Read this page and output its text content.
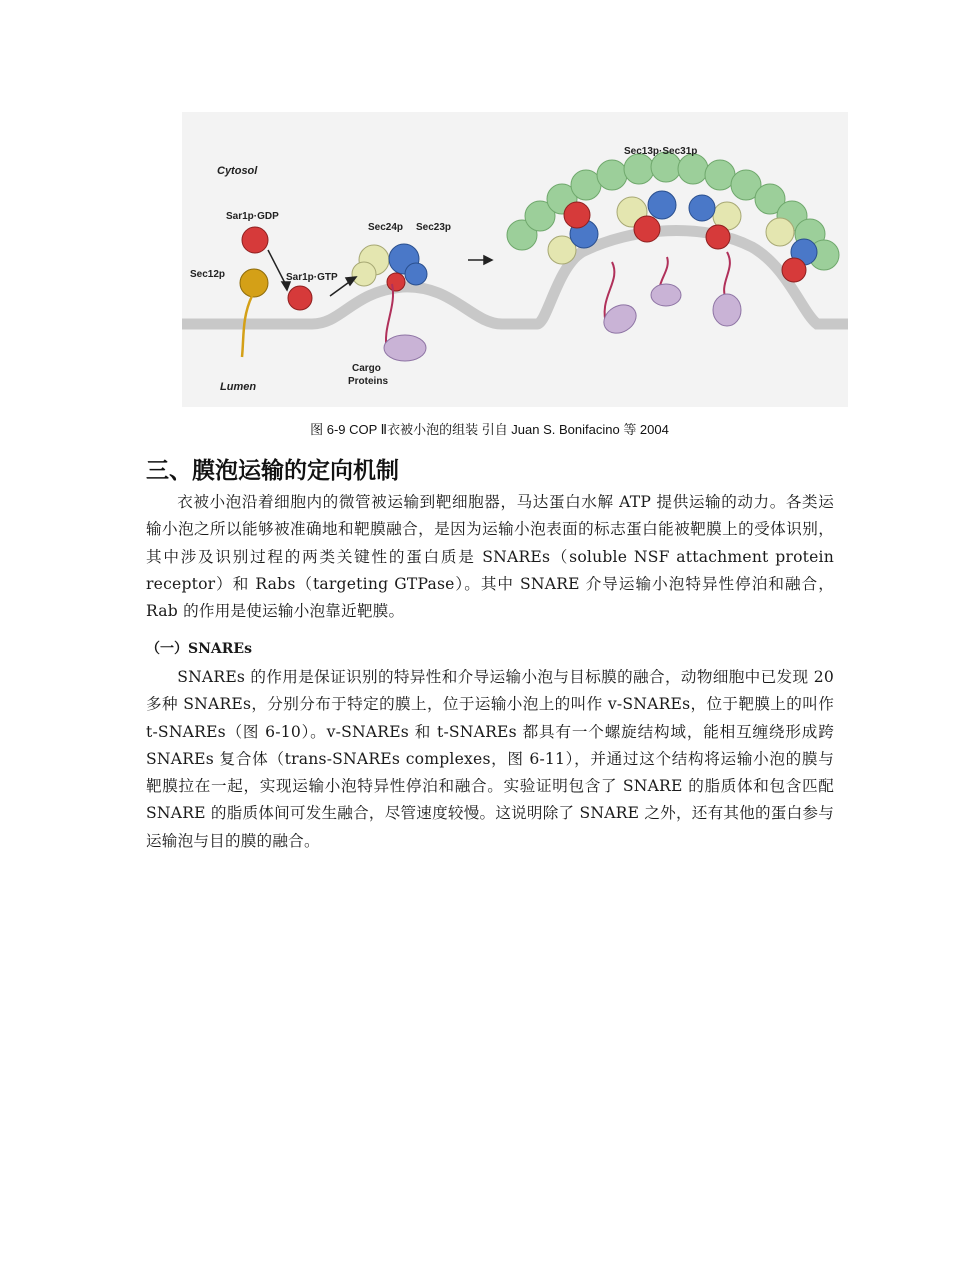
Cytosol
Lumen
Sar1p·GDP
Sec12p	Sar1p·GTP
Sec24p Sec23p
Sec13p·Sec31p
Cargo
Proteins
图 6-9 COP Ⅱ衣被小泡的组装 引自 Juan S. Bonifacino 等 2004
三、膜泡运输的定向机制

衣被小泡沿着细胞内的微管被运输到靶细胞器，马达蛋白水解 ATP 提供运输的动力。各类运输小泡之所以能够被准确地和靶膜融合，是因为运输小泡表面的标志蛋白能被靶膜上的受体识别，其中涉及识别过程的两类关键性的蛋白质是 SNAREs（soluble NSF attachment protein receptor）和 Rabs（targeting GTPase）。其中 SNARE 介导运输小泡特异性停泊和融合，Rab 的作用是使运输小泡靠近靶膜。

（一）SNAREs

SNAREs 的作用是保证识别的特异性和介导运输小泡与目标膜的融合，动物细胞中已发现 20 多种 SNAREs，分别分布于特定的膜上，位于运输小泡上的叫作 v-SNAREs，位于靶膜上的叫作 t-SNAREs（图 6-10）。v-SNAREs 和 t-SNAREs 都具有一个螺旋结构域，能相互缠绕形成跨 SNAREs 复合体（trans-SNAREs complexes，图 6-11），并通过这个结构将运输小泡的膜与靶膜拉在一起，实现运输小泡特异性停泊和融合。实验证明包含了 SNARE 的脂质体和包含匹配 SNARE 的脂质体间可发生融合，尽管速度较慢。这说明除了 SNARE 之外，还有其他的蛋白参与运输泡与目的膜的融合。
